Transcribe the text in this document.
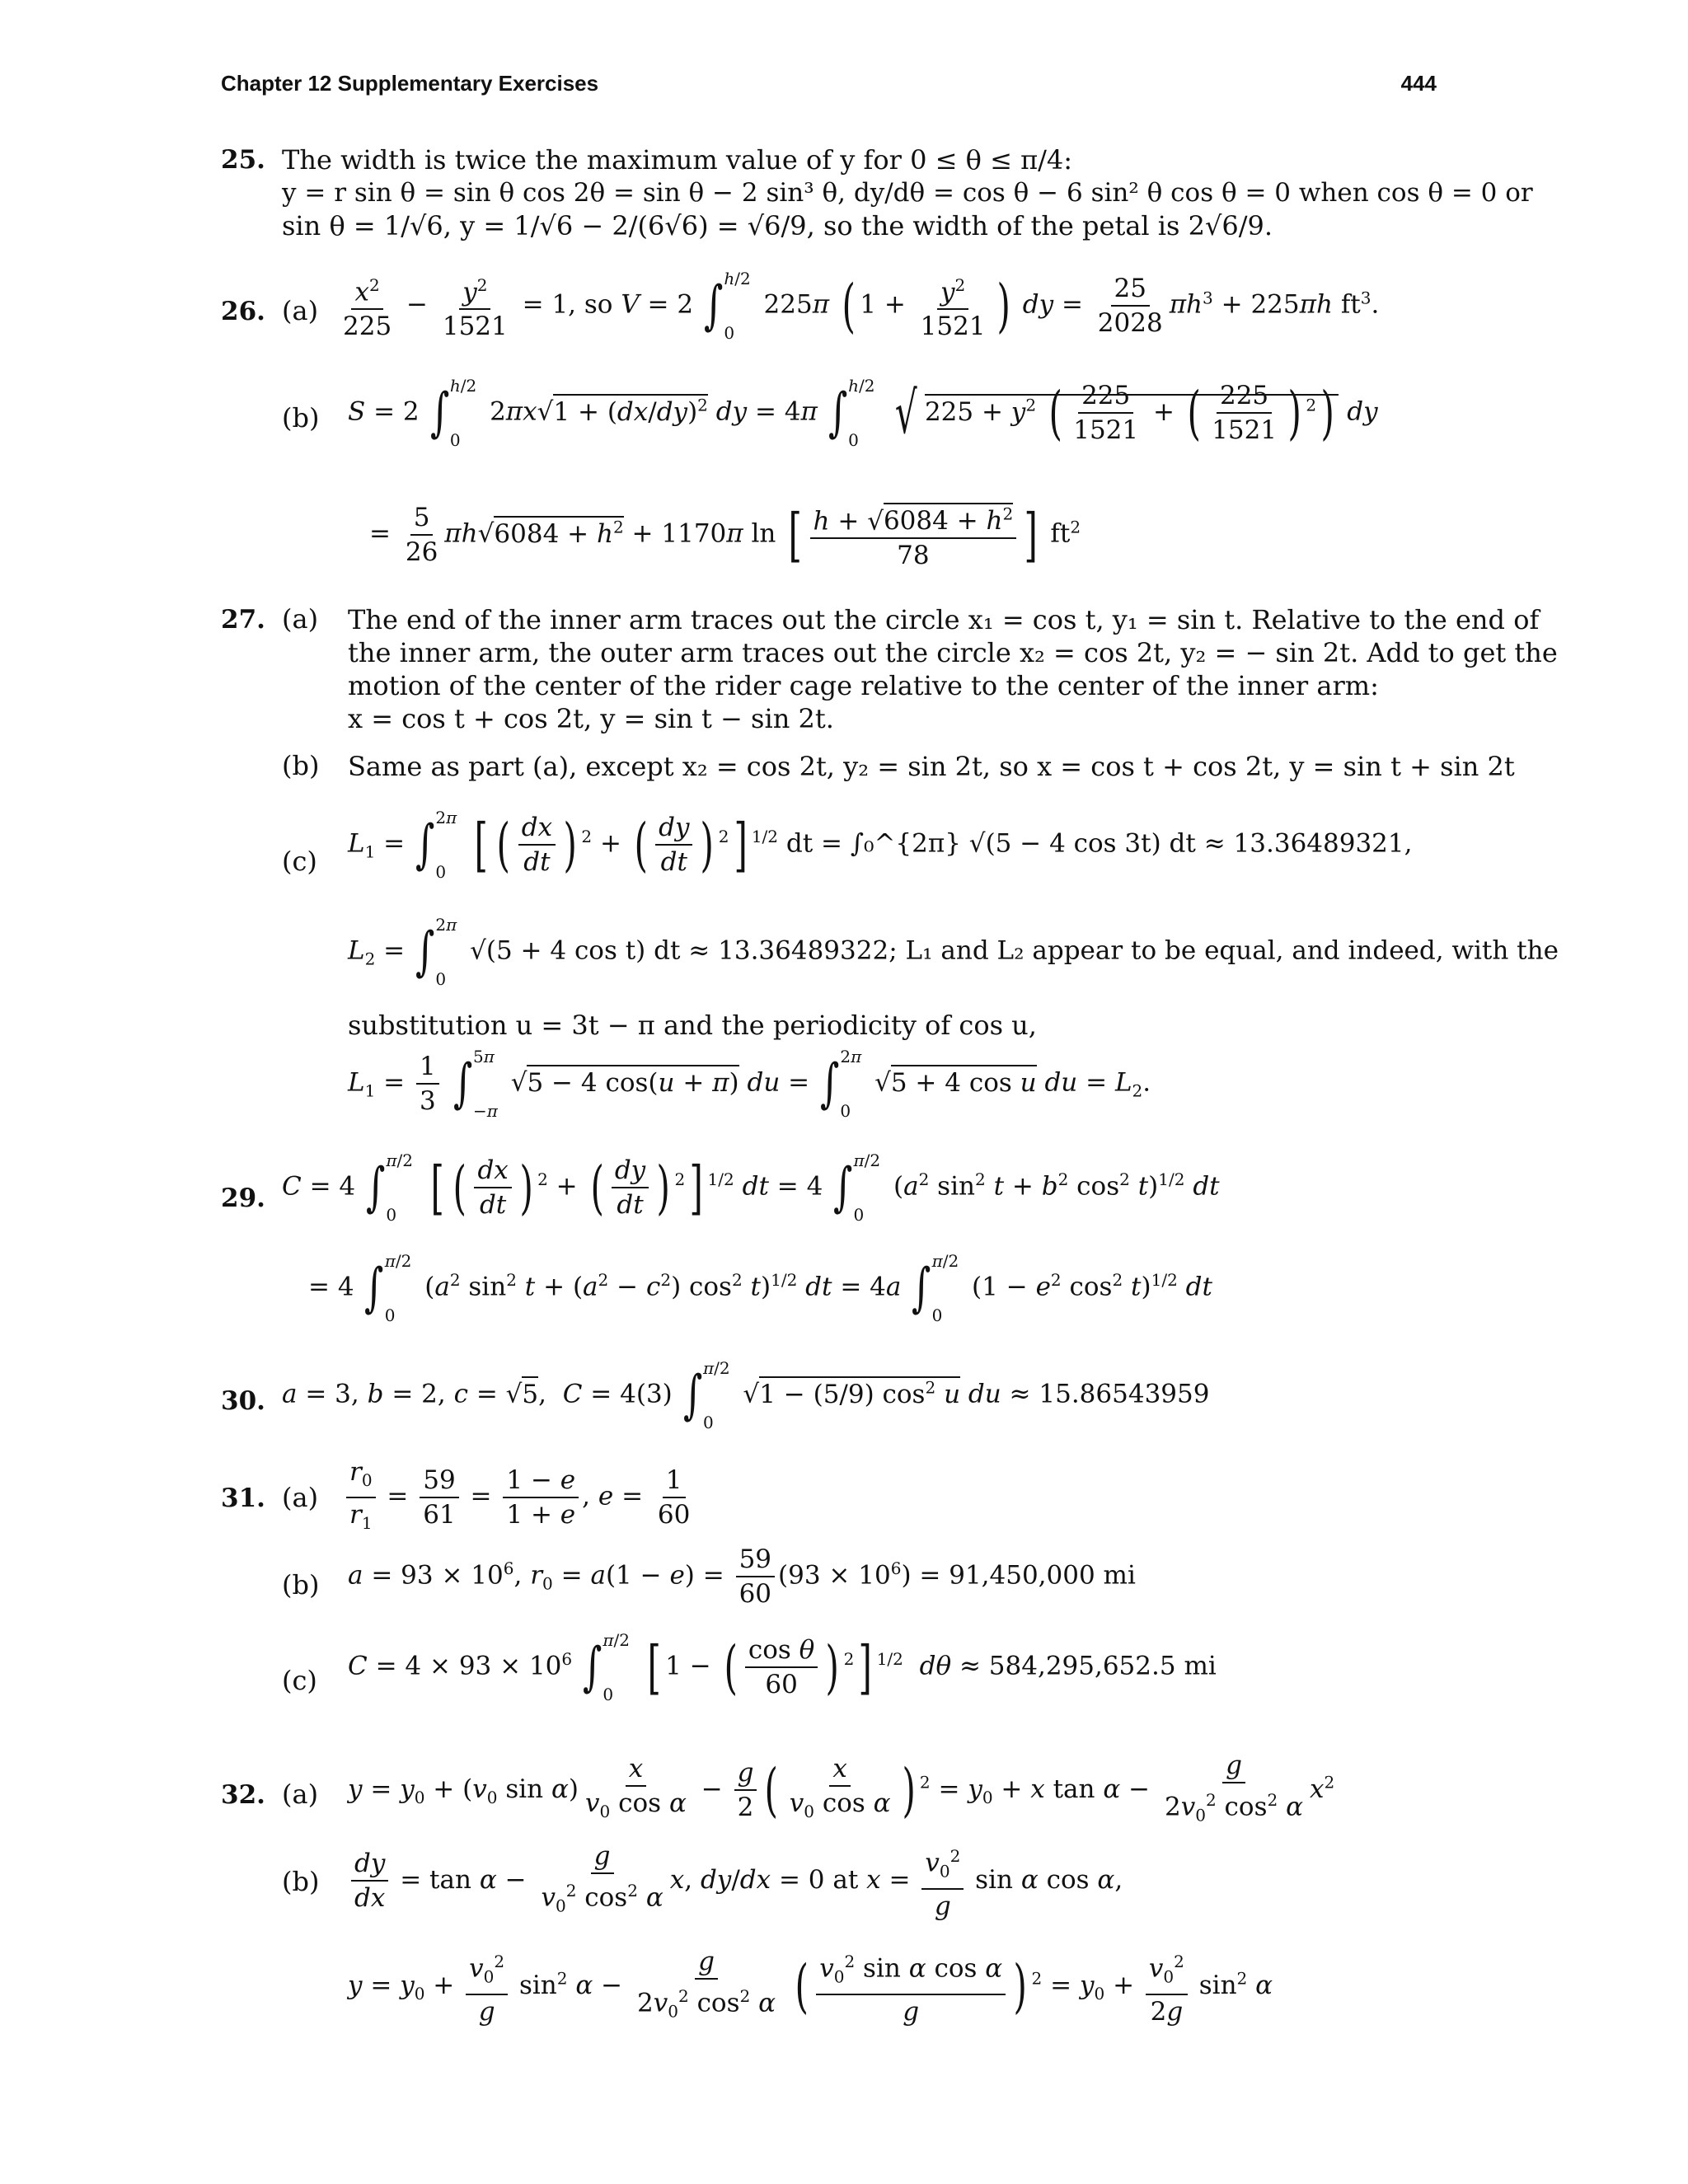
Chapter 12 Supplementary Exercises	444
25. The width is twice the maximum value of y for 0 ≤ θ ≤ π/4:
y = r sin θ = sin θ cos 2θ = sin θ − 2 sin³ θ, dy/dθ = cos θ − 6 sin² θ cos θ = 0 when cos θ = 0 or
sin θ = 1/√6, y = 1/√6 − 2/(6√6) = √6/9, so the width of the petal is 2√6/9.
26. $(a) \frac{x^2}{225} - \frac{y^2}{1521} = 1$, so V = 2 ∫ h/2
0
225π ( $1 + \frac{y^2}{1521}$ ) dy = $\frac{25}{2028} \pi h^3 + 225\pi h$ $ft^3$.
(b) S = 2 ∫ h/2
0
$2\pi x√1 + (dx/dy)^2$ dy = 4π ∫ h/2
0 √ $225 + y^2$ ( $\frac{225}{1521}$ + ( $\frac{225}{1521}$ ) $^2$) dy
= $\frac{5}{26} \pi h√6084 + h^2 + 1170\pi$ ln [ $\frac{h + √6084 + h^2}{78}$ ] $ft^2$
27. (a) The end of the inner arm traces out the circle x₁ = cos t, y₁ = sin t. Relative to the end of
the inner arm, the outer arm traces out the circle x₂ = cos 2t, y₂ = − sin 2t. Add to get the
motion of the center of the rider cage relative to the center of the inner arm:
x = cos t + cos 2t, y = sin t − sin 2t.
(b) Same as part (a), except x₂ = cos 2t, y₂ = sin 2t, so x = cos t + cos 2t, y = sin t + sin 2t
(c)
$L_1$ = ∫ 2π
0 [ ( $\frac{dx}{dt}$ ) $^2$ + ( $\frac{dy}{dt}$ ) $^2$] $^{1/2}$ dt = ∫₀^{2π} √(5 − 4 cos 3t) dt ≈ 13.36489321,
$L_2$ = ∫ 2π
0
√(5 + 4 cos t) dt ≈ 13.36489322; L₁ and L₂ appear to be equal, and indeed, with the
substitution u = 3t − π and the periodicity of cos u,
$L_1 = \frac{1}{3}$ ∫ 5π
−π
√5 − 4 cos(u + π) du = ∫ 2π
0
√5 + 4 cos u du = $L_2$.
29. C = 4 ∫ π/2
0 [ ( $\frac{dx}{dt}$ ) $^2$ + ( $\frac{dy}{dt}$ ) $^2$] $^{1/2}$ dt = 4 ∫ π/2
0
($a^2$ $\sin^2 t + b^2$ $\cos^2 t)^{1/2}$ dt
= 4 ∫ π/2
0
($a^2$ $\sin^2 t + (a^2 - c^2)$ $\cos^2 t)^{1/2}$ dt = 4a ∫ π/2
0
($1 - e^2$ $\cos^2 t)^{1/2}$ dt
30. a = 3, b = 2, c = √5,  C = 4(3) ∫ π/2
0
√1 − (5/9) $\cos^2 u$ du ≈ 15.86543959
31. $(a) \frac{r_0}{r_1} = \frac{59}{61} = \frac{1 - e}{1 + e}$ , $e = \frac{1}{60}$
(b) $a = 93 \times 10^6$, $r_0 = a(1 - e) = \frac{59}{60} (93 \times 10^6) = 91,450,000$ mi
(c) $C = 4 \times 93 \times 10^6$ ∫ π/2
0 [ 1 − ( $\frac{\text{cos θ}}{60}$ ) $^2$] $^{1/2}$ dθ ≈ 584,295,652.5 mi
32. (a) $y = y_0 + (v_0$ $\sin \alpha) \frac{x}{v_0 \cos \alpha} - \frac{g}{2}$ ( $\frac{x}{v_0 \cos \alpha}$ ) $^2 = y_0 + x$ $\tan \alpha - \frac{g}{2v_0^2 \cos^2 \alpha} x^2$
$(b) \frac{dy}{dx} = \tan \alpha - \frac{g}{v_0^2 \cos^2 \alpha} x$, dy/dx = 0 at $x = \frac{v_0^2}{g}$ sin α cos α,
$y = y_0 + \frac{v_0^2}{g} \sin^2 \alpha - \frac{g}{2v_0^2 \cos^2 \alpha}$ ( $\frac{v_0^2 \sin \alpha \cos \alpha}{g}$ ) $^2 = y_0 + \frac{v_0^2}{2g} \sin^2 \alpha$
